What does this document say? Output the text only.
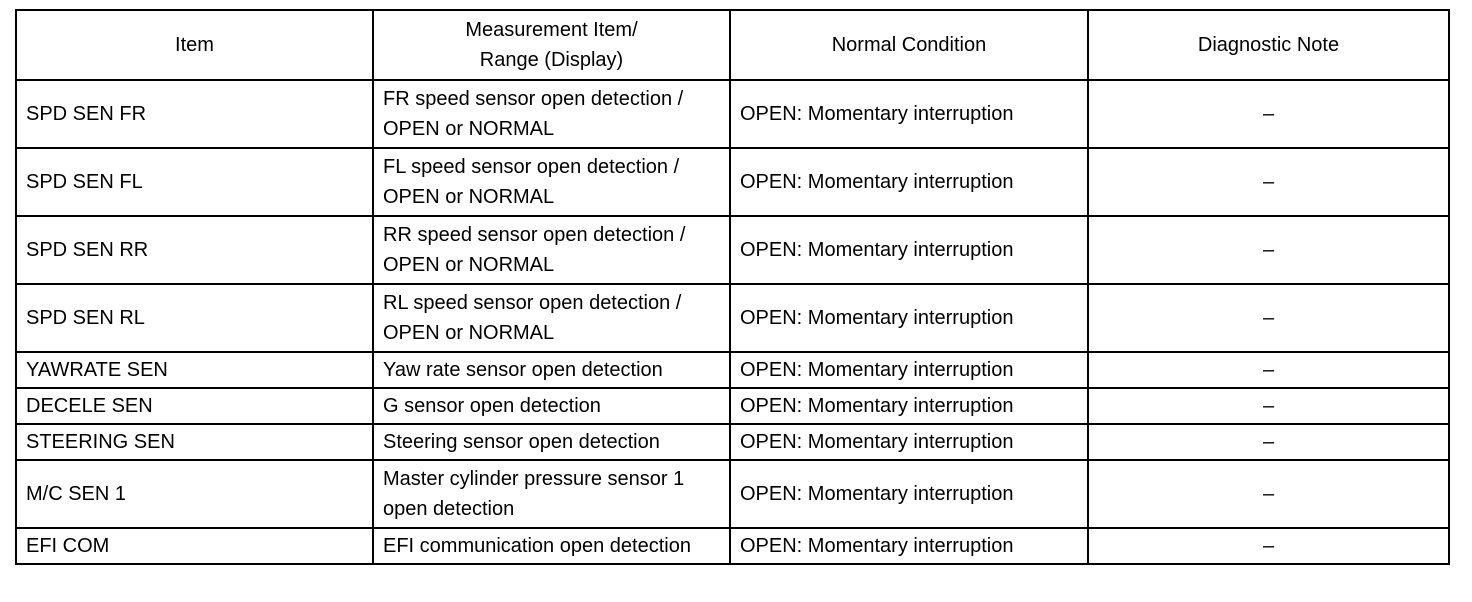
Item	Measurement Item/
Range (Display)	Normal Condition	Diagnostic Note
SPD SEN FR	FR speed sensor open detection /
OPEN or NORMAL	OPEN: Momentary interruption	–
SPD SEN FL	FL speed sensor open detection /
OPEN or NORMAL	OPEN: Momentary interruption	–
SPD SEN RR	RR speed sensor open detection /
OPEN or NORMAL	OPEN: Momentary interruption	–
SPD SEN RL	RL speed sensor open detection /
OPEN or NORMAL	OPEN: Momentary interruption	–
YAWRATE SEN	Yaw rate sensor open detection	OPEN: Momentary interruption	–
DECELE SEN	G sensor open detection	OPEN: Momentary interruption	–
STEERING SEN	Steering sensor open detection	OPEN: Momentary interruption	–
M/C SEN 1	Master cylinder pressure sensor 1
open detection	OPEN: Momentary interruption	–
EFI COM	EFI communication open detection	OPEN: Momentary interruption	–
